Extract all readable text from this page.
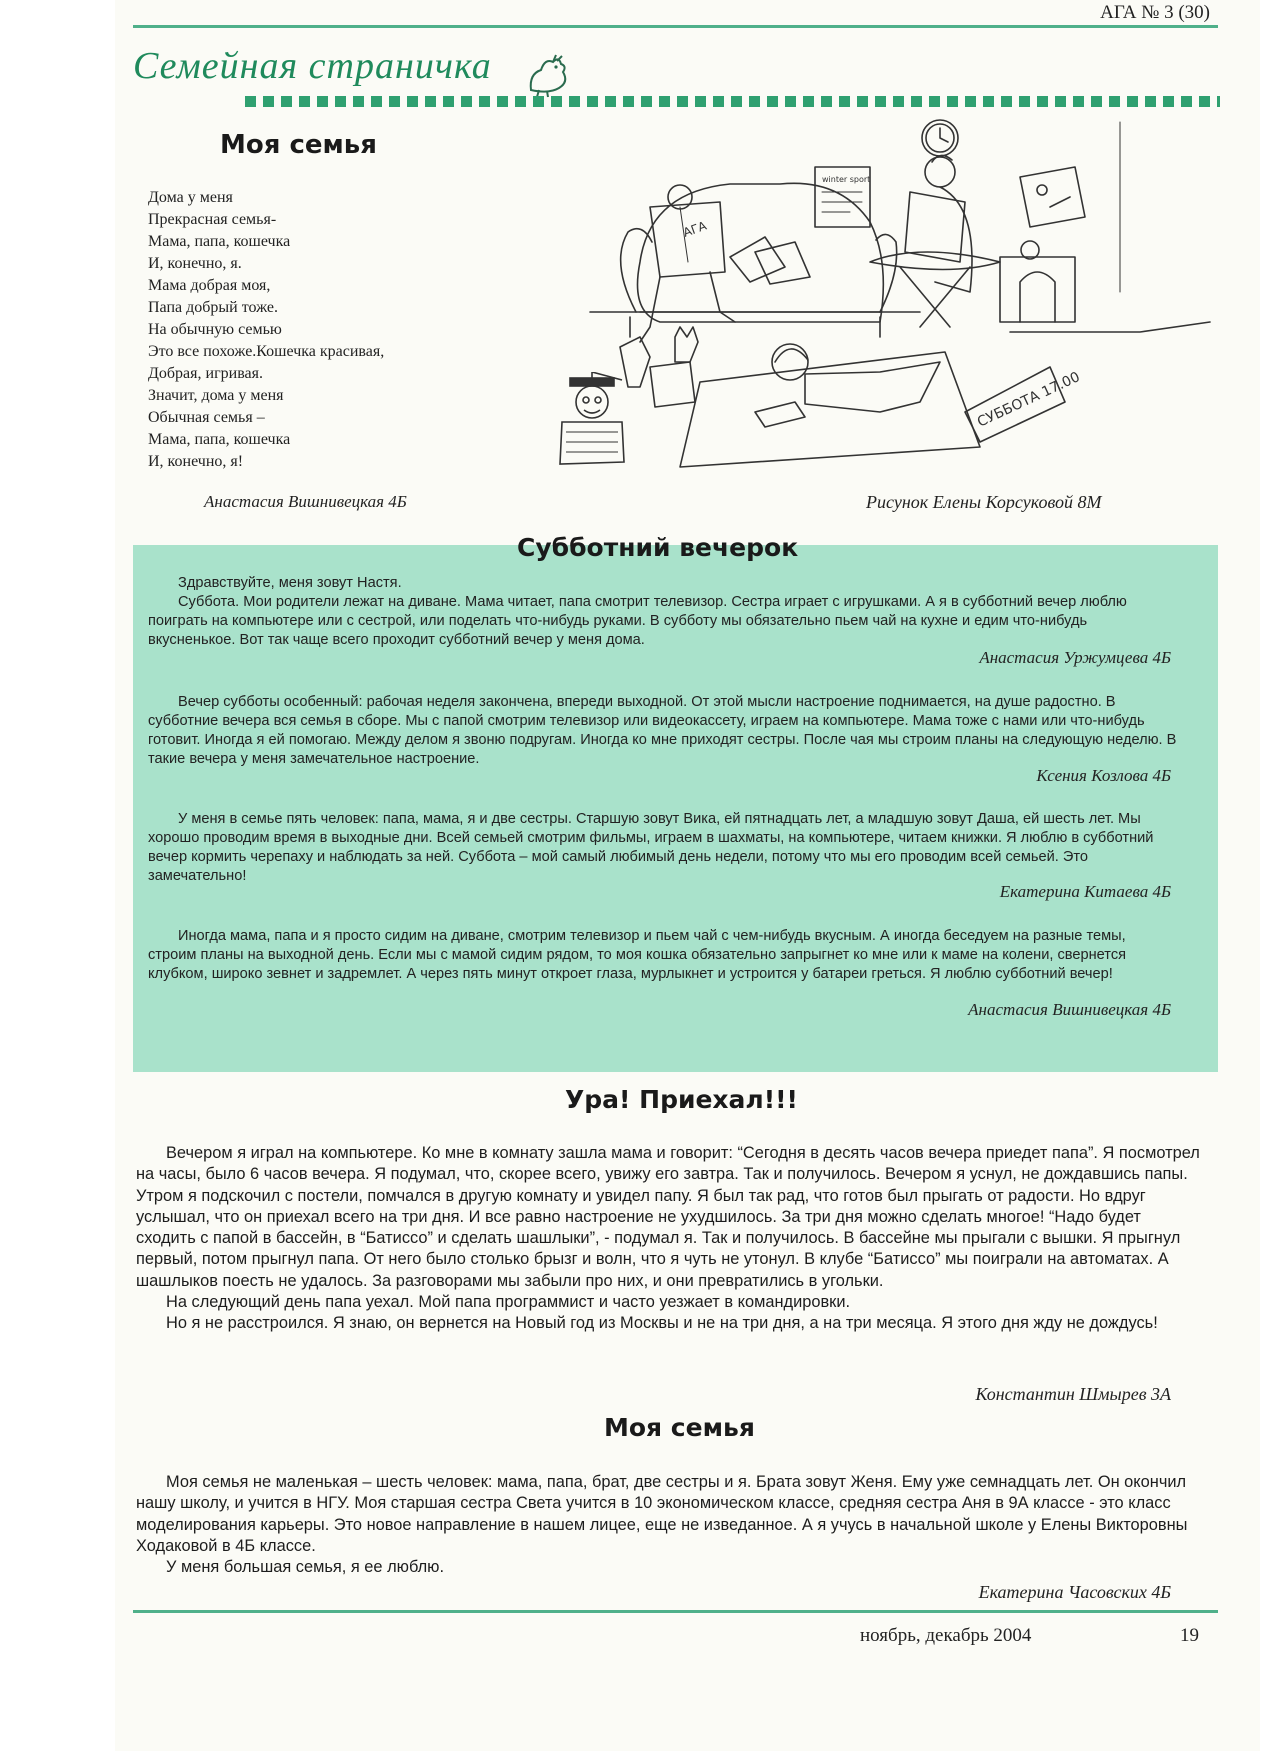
АГА № 3 (30)
Семейная страничка
Моя семья
Дома у меня
Прекрасная семья-
Мама, папа, кошечка
И, конечно, я.
Мама добрая моя,
Папа добрый тоже.
На обычную семью
Это все похоже.Кошечка красивая,
Добрая, игривая.
Значит, дома у меня
Обычная семья –
Мама, папа, кошечка
И, конечно, я!
Анастасия Вишнивецкая 4Б
АГА
winter sport
СУББОТА 17.00
Рисунок Елены Корсуковой 8М
Субботний вечерок

Здравствуйте, меня зовут Настя.

Суббота. Мои родители лежат на диване. Мама читает, папа смотрит телевизор. Сестра играет с игрушками. А я в субботний вечер люблю поиграть на компьютере или с сестрой, или поделать что-нибудь руками. В субботу мы обязательно пьем чай на кухне и едим что-нибудь вкусненькое. Вот так чаще всего проходит субботний вечер у меня дома.

Анастасия Уржумцева 4Б

Вечер субботы особенный: рабочая неделя закончена, впереди выходной. От этой мысли настроение поднимается, на душе радостно. В субботние вечера вся семья в сборе. Мы с папой смотрим телевизор или видеокассету, играем на компьютере. Мама тоже с нами или что-нибудь готовит. Иногда я ей помогаю. Между делом я звоню подругам. Иногда ко мне приходят сестры. После чая мы строим планы на следующую неделю. В такие вечера у меня замечательное настроение.

Ксения Козлова 4Б

У меня в семье пять человек: папа, мама, я и две сестры. Старшую зовут Вика, ей пятнадцать лет, а младшую зовут Даша, ей шесть лет. Мы хорошо проводим время в выходные дни. Всей семьей смотрим фильмы, играем в шахматы, на компьютере, читаем книжки. Я люблю в субботний вечер кормить черепаху и наблюдать за ней. Суббота – мой самый любимый день недели, потому что мы его проводим всей семьей. Это замечательно!

Екатерина Китаева 4Б

Иногда мама, папа и я просто сидим на диване, смотрим телевизор и пьем чай с чем-нибудь вкусным. А иногда беседуем на разные темы, строим планы на выходной день. Если мы с мамой сидим рядом, то моя кошка обязательно запрыгнет ко мне или к маме на колени, свернется клубком, широко зевнет и задремлет. А через пять минут откроет глаза, мурлыкнет и устроится у батареи греться. Я люблю субботний вечер!

Анастасия Вишнивецкая 4Б
Ура! Приехал!!!

Вечером я играл на компьютере. Ко мне в комнату зашла мама и говорит: “Сегодня в десять часов вечера приедет папа”. Я посмотрел на часы, было 6 часов вечера. Я подумал, что, скорее всего, увижу его завтра. Так и получилось. Вечером я уснул, не дождавшись папы. Утром я подскочил с постели, помчался в другую комнату и увидел папу. Я был так рад, что готов был прыгать от радости. Но вдруг услышал, что он приехал всего на три дня. И все равно настроение не ухудшилось. За три дня можно сделать многое! “Надо будет сходить с папой в бассейн, в “Батиссо” и сделать шашлыки”, - подумал я. Так и получилось. В бассейне мы прыгали с вышки. Я прыгнул первый, потом прыгнул папа. От него было столько брызг и волн, что я чуть не утонул. В клубе “Батиссо” мы поиграли на автоматах. А шашлыков поесть не удалось. За разговорами мы забыли про них, и они превратились в угольки.

На следующий день папа уехал. Мой папа программист и часто уезжает в командировки.

Но я не расстроился. Я знаю, он вернется на Новый год из Москвы и не на три дня, а на три месяца. Я этого дня жду не дождусь!

Константин Шмырев 3А
Моя семья

Моя семья не маленькая – шесть человек: мама, папа, брат, две сестры и я. Брата зовут Женя. Ему уже семнадцать лет. Он окончил нашу школу, и учится в НГУ. Моя старшая сестра Света учится в 10 экономическом классе, средняя сестра Аня в 9А классе - это класс моделирования карьеры. Это новое направление в нашем лицее, еще не изведанное. А я учусь в начальной школе у Елены Викторовны Ходаковой в 4Б классе.

У меня большая семья, я ее люблю.

Екатерина Часовских 4Б
ноябрь, декабрь 2004	19
